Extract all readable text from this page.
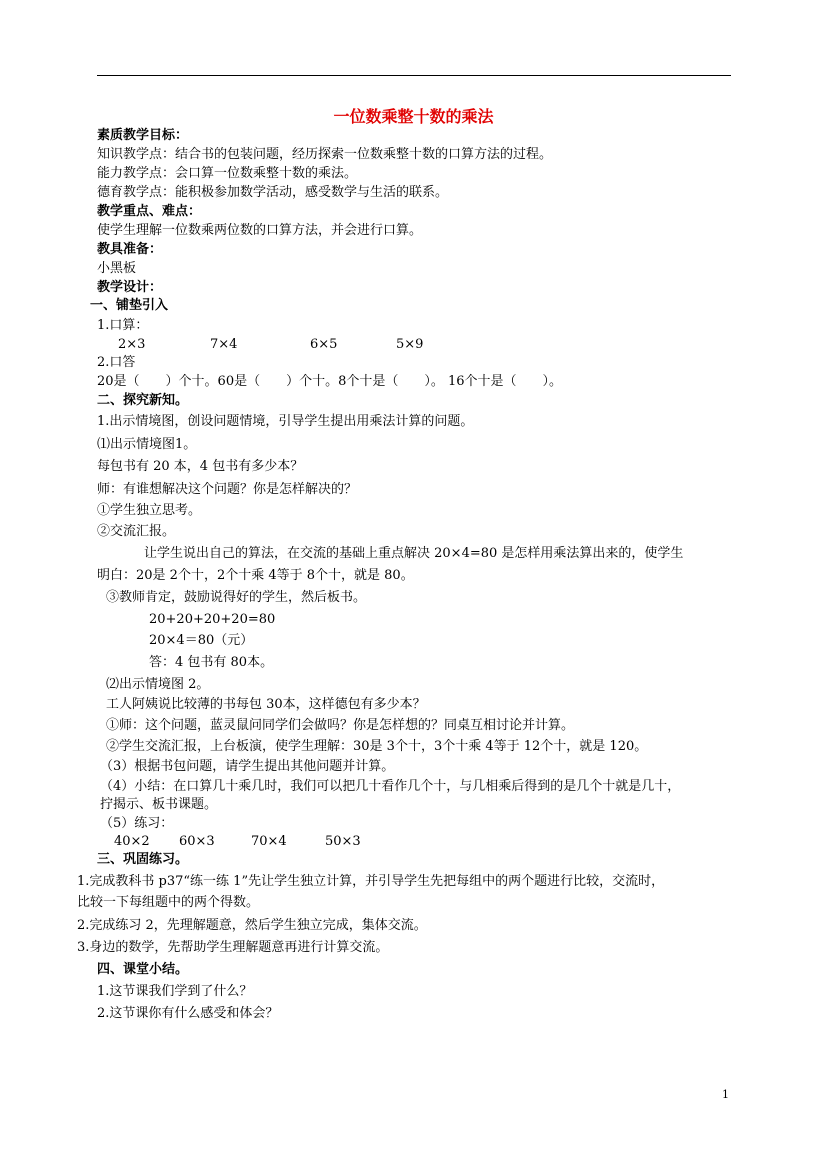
一位数乘整十数的乘法
素质教学目标：
知识教学点：结合书的包装问题，经历探索一位数乘整十数的口算方法的过程。
能力教学点：会口算一位数乘整十数的乘法。
德育教学点：能积极参加数学活动，感受数学与生活的联系。
教学重点、难点：
使学生理解一位数乘两位数的口算方法，并会进行口算。
教具准备：
小黑板
教学设计：
一、铺垫引入
1.口算：
2×3	7×4	6×5	5×9
2.口答
20是（　　）个十。60是（　　）个十。8个十是（　　）。 16个十是（　　）。
二、探究新知。
1.出示情境图，创设问题情境，引导学生提出用乘法计算的问题。
⑴出示情境图1。
每包书有 20 本，4 包书有多少本？
师：有谁想解决这个问题？你是怎样解决的？
①学生独立思考。
②交流汇报。
让学生说出自己的算法，在交流的基础上重点解决 20×4=80 是怎样用乘法算出来的，使学生
明白：20是 2个十，2个十乘 4等于 8个十，就是 80。
③教师肯定，鼓励说得好的学生，然后板书。
20+20+20+20=80
20×4＝80（元）
答：4 包书有 80本。
⑵出示情境图 2。
工人阿姨说比较薄的书每包 30本，这样德包有多少本？
①师：这个问题，蓝灵鼠问同学们会做吗？你是怎样想的？同桌互相讨论并计算。
②学生交流汇报，上台板演，使学生理解：30是 3个十，3个十乘 4等于 12个十，就是 120。
（3）根据书包问题，请学生提出其他问题并计算。
（4）小结：在口算几十乘几时，我们可以把几十看作几个十，与几相乘后得到的是几个十就是几十，
拧揭示、板书课题。
（5）练习：
40×2 60×3	70×4	50×3
三、巩固练习。
1.完成教科书 p37“练一练 1”先让学生独立计算，并引导学生先把每组中的两个题进行比较，交流时，
比较一下每组题中的两个得数。
2.完成练习 2，先理解题意，然后学生独立完成，集体交流。
3.身边的数学，先帮助学生理解题意再进行计算交流。
四、课堂小结。
1.这节课我们学到了什么？
2.这节课你有什么感受和体会？
1
